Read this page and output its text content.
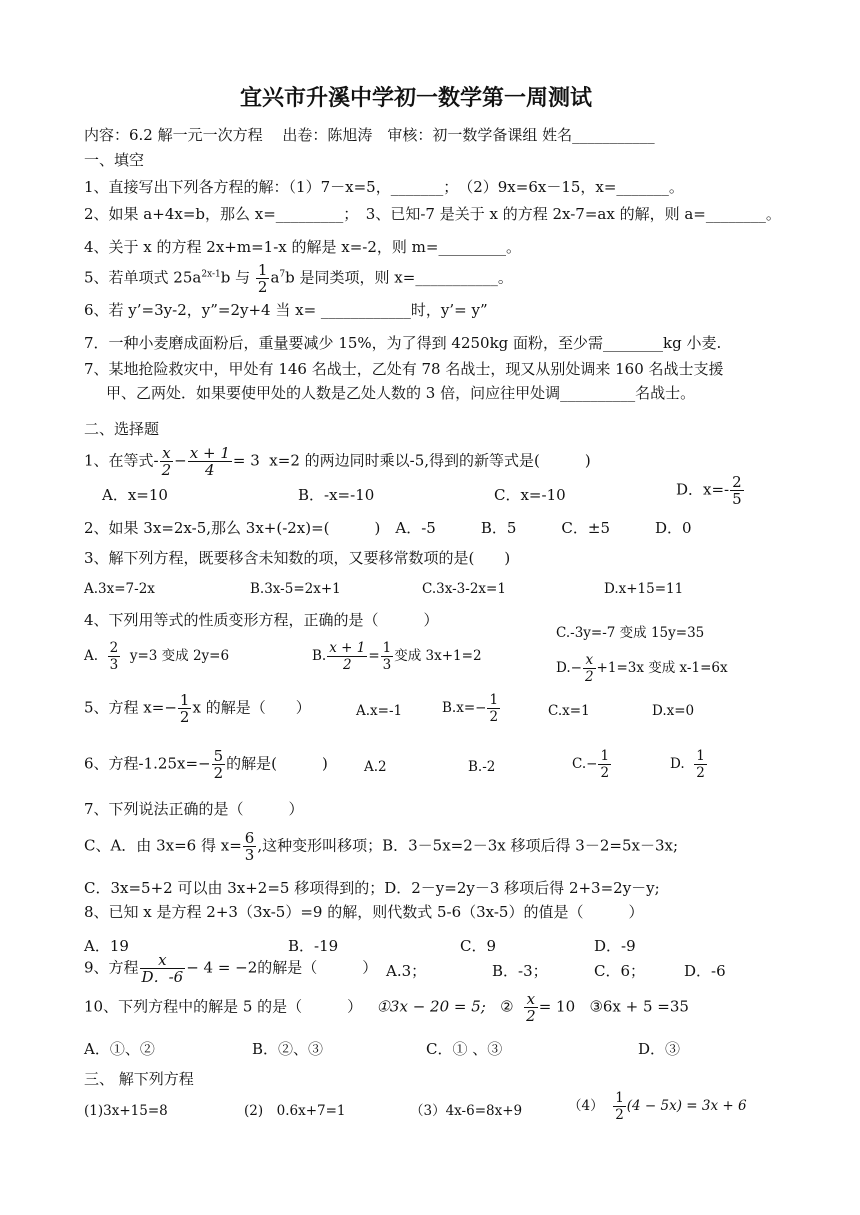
宜兴市升溪中学初一数学第一周测试
内容：6.2 解一元一次方程　 出卷：陈旭涛　审核：初一数学备课组 姓名___________
一、填空
1、直接写出下列各方程的解：（1）7－x=5，_______；　（2）9x=6x－15，x=_______。
2、如果 a+4x=b，那么 x=_________；　3、已知-7 是关于 x 的方程 2x-7=ax 的解，则 a=________。
4、关于 x 的方程 2x+m=1-x 的解是 x=-2，则 m=_________。
5、若单项式 $25a^{2x-1}b$ 与 $\frac{1}{2} a^7b$ 是同类项，则 x=___________。
6、若 y’=3y-2，y”=2y+4 当 x= ____________时，y’= y”
7．一种小麦磨成面粉后，重量要减少 15%，为了得到 4250kg 面粉，至少需________kg 小麦.
7、某地抢险救灾中，甲处有 146 名战士，乙处有 78 名战士，现又从别处调来 160 名战士支援
甲、乙两处．如果要使甲处的人数是乙处人数的 3 倍，问应往甲处调__________名战士。
二、选择题
1、在等式- $\frac{x}{2} - \frac{x + 1}{4} = 3$ x=2 的两边同时乘以-5,得到的新等式是(　　　)
A．x=10	B．-x=-10	C．x=-10	D．$x=- \frac{2}{5}$
2、如果 3x=2x-5,那么 3x+(-2x)=(　　　)　A．-5　　　B．5　　　C．±5　　　D．0
3、解下列方程，既要移含未知数的项，又要移常数项的是(　　)
A.3x=7-2x	B.3x-5=2x+1	C.3x-3-2x=1	D.x+15=11
4、下列用等式的性质变形方程，正确的是（　　　）
C.-3y=-7 变成 15y=35
A. $\frac{2}{3} y=3$ 变成 2y=6	B. $\frac{x + 1}{2} = \frac{1}{3}$ 变成 3x+1=2
$D.- \frac{x}{2} +1=3x$ 变成 x-1=6x
5、方程 $x=- \frac{1}{2}$ x 的解是（　　）	A.x=-1	$B.x=- \frac{1}{2}$	C.x=1	D.x=0
6、方程$-1.25x=- \frac{5}{2}$ 的解是(　　　)	A.2	B.-2	$C.- \frac{1}{2}$	D. $\frac{1}{2}$
7、下列说法正确的是（　　　）
C、A．由 3x=6 得 $x= \frac{6}{3}$ ,这种变形叫移项；B．3－5x=2－3x 移项后得 3－2=5x－3x;
C．3x=5+2 可以由 3x+2=5 移项得到的；D．2－y=2y－3 移项后得 2+3=2y－y;
8、已知 x 是方程 2+3（3x-5）=9 的解，则代数式 5-6（3x-5）的值是（　　　）
A．19	B．-19	C．9	D．-9
9、方程 $\frac{x}{D.-6} - 4 = -2$的解是（　　　） A.3；	B．-3；	C．6；	D．-6
10、下列方程中的解是 5 的是（　　　） ①3x − 20 = 5; ② $\frac{x}{2} = 10$ ③6x + 5 =35
A．①、②	B．②、③	C．① 、③	D．③
三、 解下列方程
(1)3x+15=8	(2)　0.6x+7=1	（3）4x-6=8x+9	$(4) \frac{1}{2} (4 - 5x) = 3x + 6$
